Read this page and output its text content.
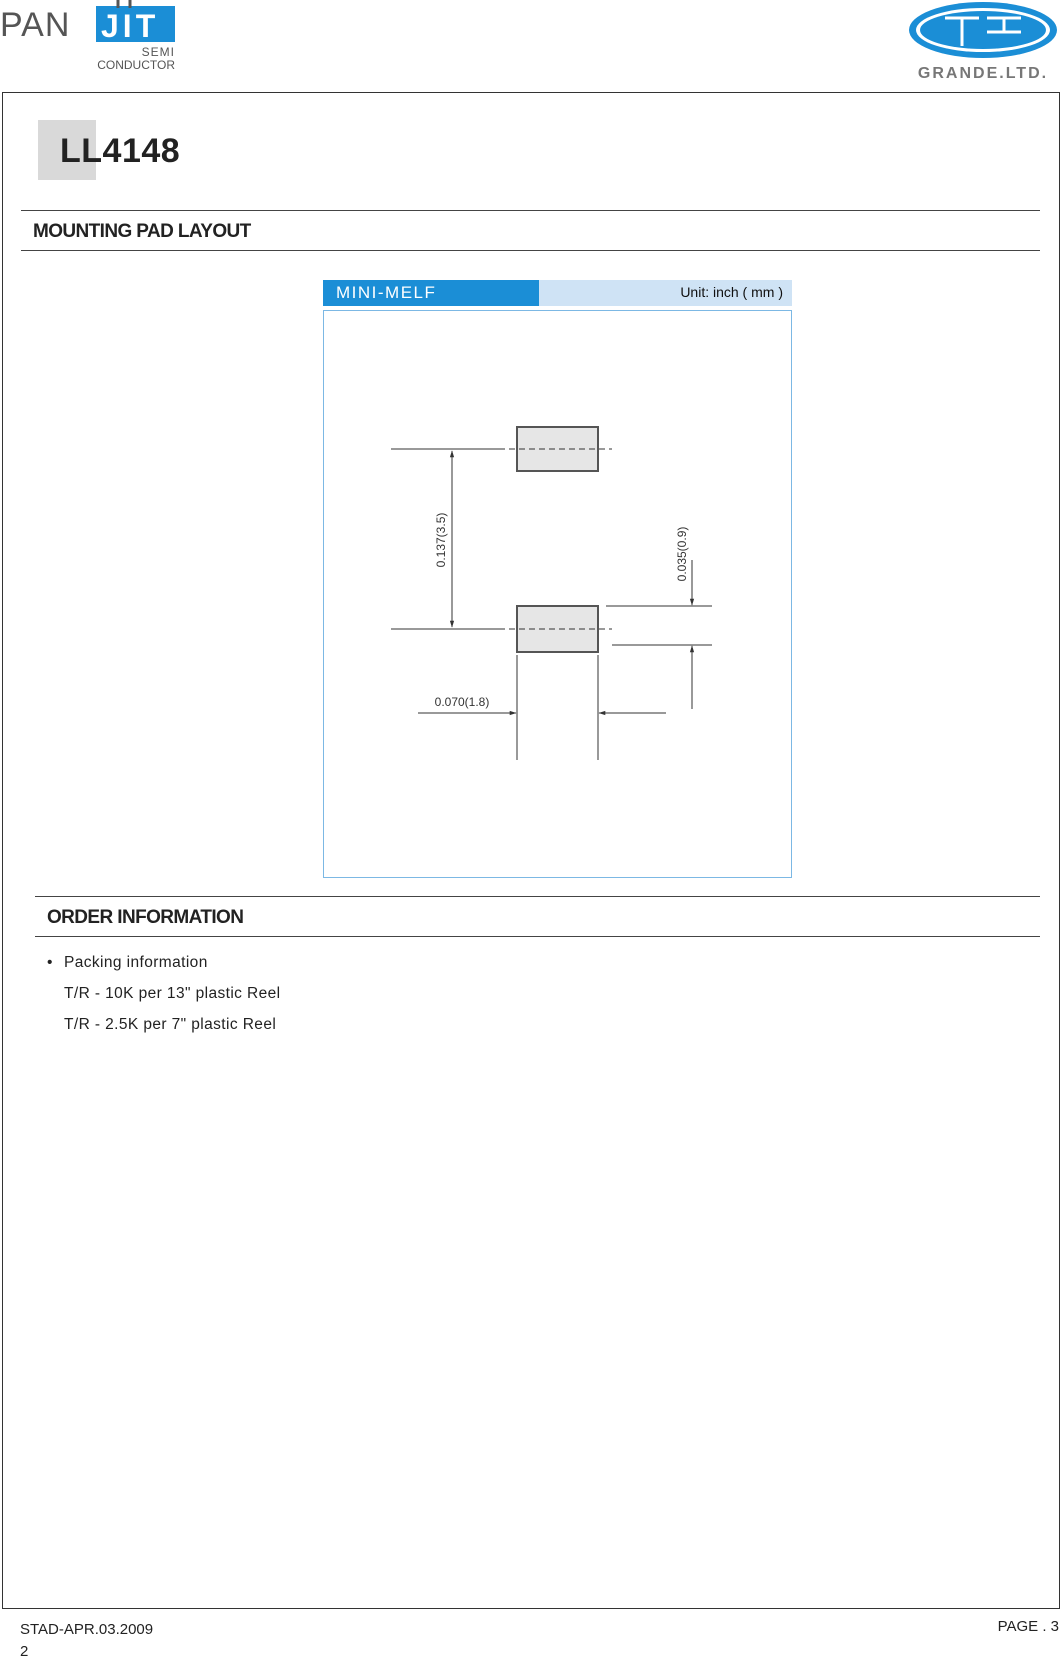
PAN JIT
SEMI
CONDUCTOR	GRANDE.LTD.
LL4148
MOUNTING PAD LAYOUT
MINI-MELF	Unit: inch ( mm )
0.137(3.5)	0.035(0.9)
0.070(1.8)
ORDER INFORMATION
• Packing information
T/R - 10K per 13" plastic Reel
T/R - 2.5K per 7" plastic Reel
STAD-APR.03.2009
2
PAGE . 3
